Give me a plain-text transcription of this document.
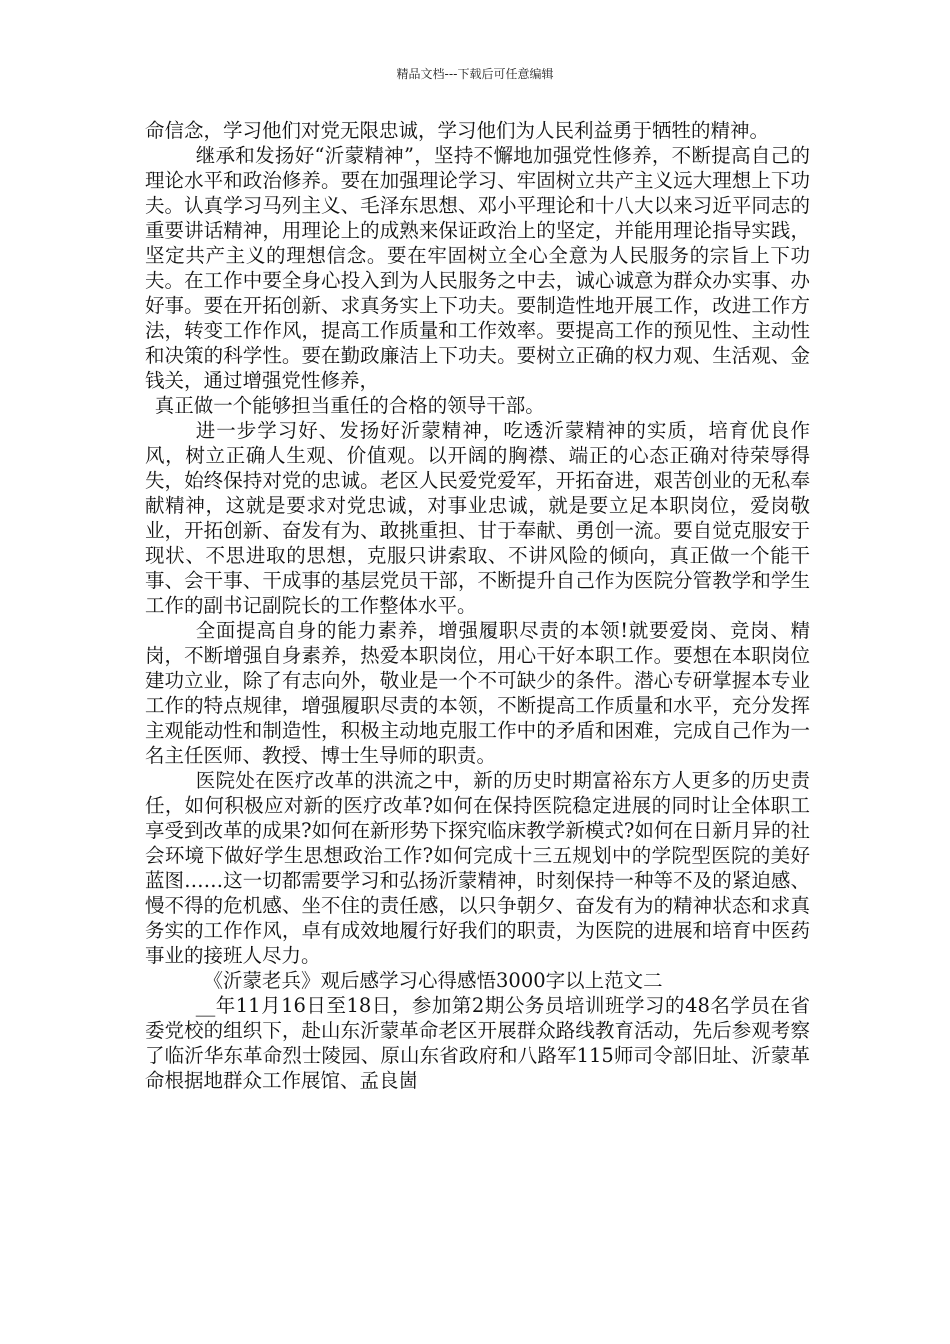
精品文档---下载后可任意编辑

命信念，学习他们对党无限忠诚，学习他们为人民利益勇于牺牲的精神。

继承和发扬好“沂蒙精神”，坚持不懈地加强党性修养，不断提高自己的理论水平和政治修养。要在加强理论学习、牢固树立共产主义远大理想上下功夫。认真学习马列主义、毛泽东思想、邓小平理论和十八大以来习近平同志的重要讲话精神，用理论上的成熟来保证政治上的坚定，并能用理论指导实践，坚定共产主义的理想信念。要在牢固树立全心全意为人民服务的宗旨上下功夫。在工作中要全身心投入到为人民服务之中去，诚心诚意为群众办实事、办好事。要在开拓创新、求真务实上下功夫。要制造性地开展工作，改进工作方法，转变工作作风，提高工作质量和工作效率。要提高工作的预见性、主动性和决策的科学性。要在勤政廉洁上下功夫。要树立正确的权力观、生活观、金钱关，通过增强党性修养，

真正做一个能够担当重任的合格的领导干部。

进一步学习好、发扬好沂蒙精神，吃透沂蒙精神的实质，培育优良作风，树立正确人生观、价值观。以开阔的胸襟、端正的心态正确对待荣辱得失，始终保持对党的忠诚。老区人民爱党爱军，开拓奋进，艰苦创业的无私奉献精神，这就是要求对党忠诚，对事业忠诚，就是要立足本职岗位，爱岗敬业，开拓创新、奋发有为、敢挑重担、甘于奉献、勇创一流。要自觉克服安于现状、不思进取的思想，克服只讲索取、不讲风险的倾向，真正做一个能干事、会干事、干成事的基层党员干部，不断提升自己作为医院分管教学和学生工作的副书记副院长的工作整体水平。

全面提高自身的能力素养，增强履职尽责的本领!就要爱岗、竞岗、精岗，不断增强自身素养，热爱本职岗位，用心干好本职工作。要想在本职岗位建功立业，除了有志向外，敬业是一个不可缺少的条件。潜心专研掌握本专业工作的特点规律，增强履职尽责的本领，不断提高工作质量和水平，充分发挥主观能动性和制造性，积极主动地克服工作中的矛盾和困难，完成自己作为一名主任医师、教授、博士生导师的职责。

医院处在医疗改革的洪流之中，新的历史时期富裕东方人更多的历史责任，如何积极应对新的医疗改革?如何在保持医院稳定进展的同时让全体职工享受到改革的成果?如何在新形势下探究临床教学新模式?如何在日新月异的社会环境下做好学生思想政治工作?如何完成十三五规划中的学院型医院的美好蓝图……这一切都需要学习和弘扬沂蒙精神，时刻保持一种等不及的紧迫感、慢不得的危机感、坐不住的责任感，以只争朝夕、奋发有为的精神状态和求真务实的工作作风，卓有成效地履行好我们的职责，为医院的进展和培育中医药事业的接班人尽力。

《沂蒙老兵》观后感学习心得感悟3000字以上范文二

__年11月16日至18日，参加第2期公务员培训班学习的48名学员在省委党校的组织下，赴山东沂蒙革命老区开展群众路线教育活动，先后参观考察了临沂华东革命烈士陵园、原山东省政府和八路军115师司令部旧址、沂蒙革命根据地群众工作展馆、孟良崮
